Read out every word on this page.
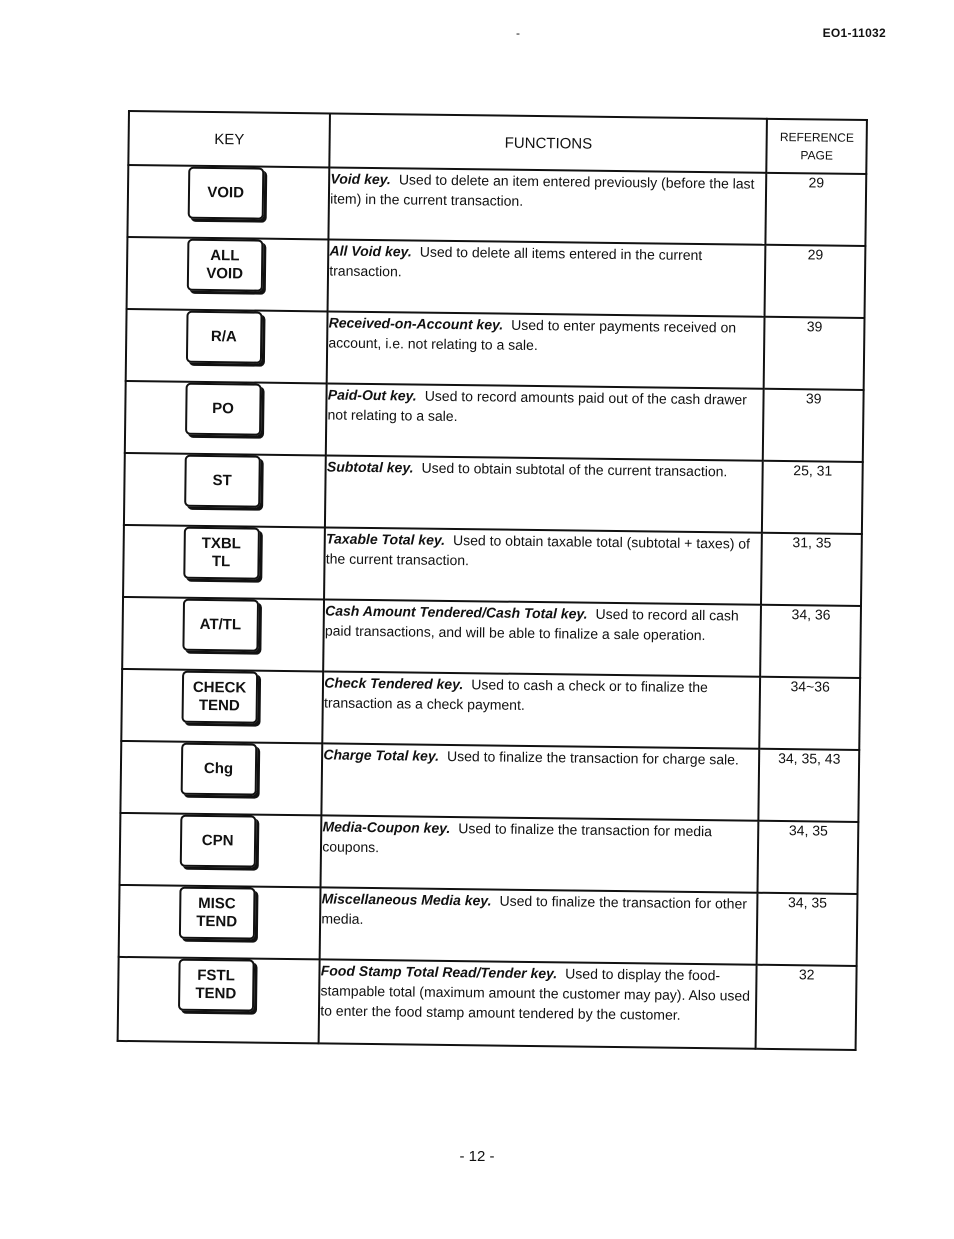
-	EO1-11032
KEY	FUNCTIONS	REFERENCE
PAGE

VOID	Void key. Used to delete an item entered previously (before the last item) in the current transaction.	29

ALL
VOID	All Void key. Used to delete all items entered in the current transaction.	29

R/A	Received-on-Account key. Used to enter payments received on account, i.e. not relating to a sale.	39

PO	Paid-Out key. Used to record amounts paid out of the cash drawer not relating to a sale.	39

ST	Subtotal key. Used to obtain subtotal of the current transaction.	25, 31

TXBL
TL	Taxable Total key. Used to obtain taxable total (subtotal + taxes) of the current transaction.	31, 35

AT/TL	Cash Amount Tendered/Cash Total key. Used to record all cash paid transactions, and will be able to finalize a sale operation.	34, 36

CHECK
TEND	Check Tendered key. Used to cash a check or to finalize the transaction as a check payment.	34~36

Chg	Charge Total key. Used to finalize the transaction for charge sale.	34, 35, 43

CPN	Media-Coupon key. Used to finalize the transaction for media coupons.	34, 35

MISC
TEND	Miscellaneous Media key. Used to finalize the transaction for other media.	34, 35

FSTL
TEND	Food Stamp Total Read/Tender key. Used to display the food-stampable total (maximum amount the customer may pay). Also used to enter the food stamp amount tendered by the customer.	32
- 12 -
